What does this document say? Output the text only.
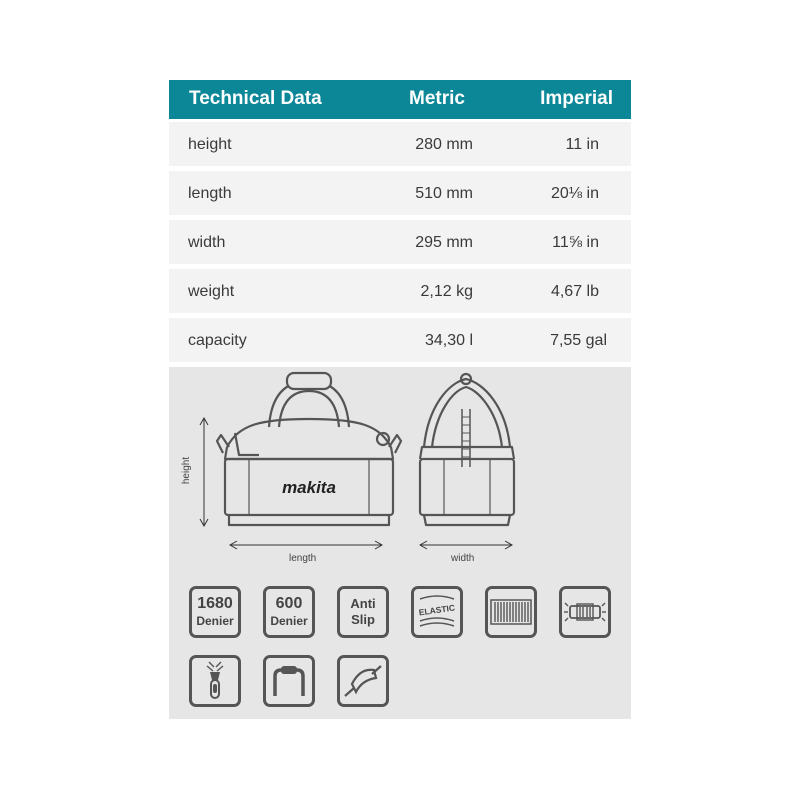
Technical Data	Metric	Imperial
height	280 mm	11 in
length	510 mm	20⅛ in
width	295 mm	11⅝ in
weight	2,12 kg	4,67 lb
capacity	34,30 l	7,55 gal
makita
height
length	width
1680
Denier
600
Denier
Anti
Slip
ELASTIC
